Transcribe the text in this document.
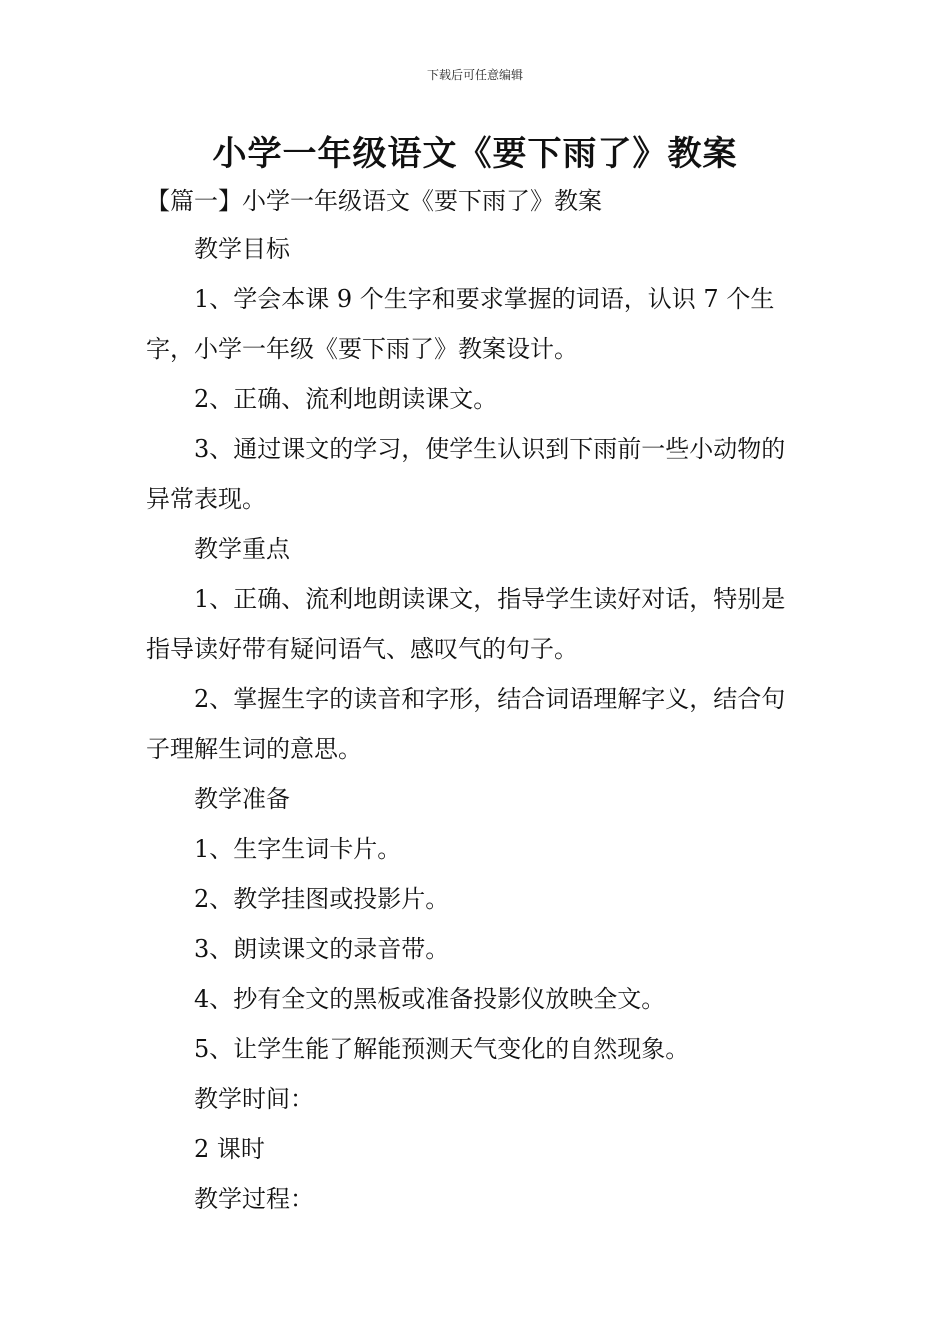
下载后可任意编辑
小学一年级语文《要下雨了》教案
【篇一】小学一年级语文《要下雨了》教案
教学目标
1、学会本课 9 个生字和要求掌握的词语，认识 7 个生字，小学一年级《要下雨了》教案设计。
2、正确、流利地朗读课文。
3、通过课文的学习，使学生认识到下雨前一些小动物的异常表现。
教学重点
1、正确、流利地朗读课文，指导学生读好对话，特别是指导读好带有疑问语气、感叹气的句子。
2、掌握生字的读音和字形，结合词语理解字义，结合句子理解生词的意思。
教学准备
1、生字生词卡片。
2、教学挂图或投影片。
3、朗读课文的录音带。
4、抄有全文的黑板或准备投影仪放映全文。
5、让学生能了解能预测天气变化的自然现象。
教学时间：
2 课时
教学过程：
